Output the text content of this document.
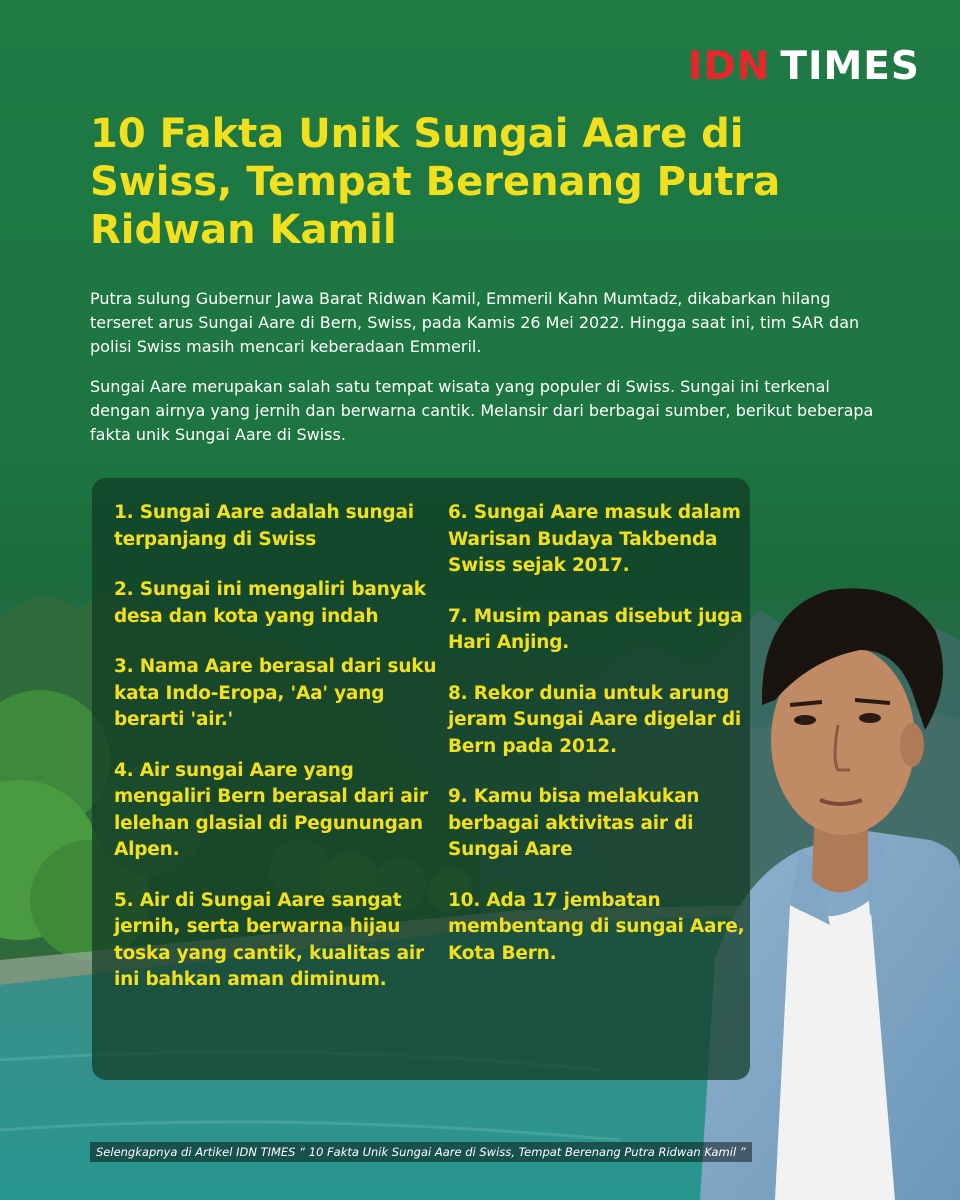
IDN TIMES
10 Fakta Unik Sungai Aare di Swiss, Tempat Berenang Putra Ridwan Kamil

Putra sulung Gubernur Jawa Barat Ridwan Kamil, Emmeril Kahn Mumtadz, dikabarkan hilang terseret arus Sungai Aare di Bern, Swiss, pada Kamis 26 Mei 2022. Hingga saat ini, tim SAR dan polisi Swiss masih mencari keberadaan Emmeril.

Sungai Aare merupakan salah satu tempat wisata yang populer di Swiss. Sungai ini terkenal dengan airnya yang jernih dan berwarna cantik. Melansir dari berbagai sumber, berikut beberapa fakta unik Sungai Aare di Swiss.

1. Sungai Aare adalah sungai terpanjang di Swiss

2. Sungai ini mengaliri banyak desa dan kota yang indah

3. Nama Aare berasal dari suku kata Indo-Eropa, 'Aa' yang berarti 'air.'

4. Air sungai Aare yang mengaliri Bern berasal dari air lelehan glasial di Pegunungan Alpen.

5. Air di Sungai Aare sangat jernih, serta berwarna hijau toska yang cantik, kualitas air ini bahkan aman diminum.

6. Sungai Aare masuk dalam Warisan Budaya Takbenda Swiss sejak 2017.

7. Musim panas disebut juga Hari Anjing.

8. Rekor dunia untuk arung jeram Sungai Aare digelar di Bern pada 2012.

9. Kamu bisa melakukan berbagai aktivitas air di Sungai Aare

10. Ada 17 jembatan membentang di sungai Aare, Kota Bern.

Selengkapnya di Artikel IDN TIMES “ 10 Fakta Unik Sungai Aare di Swiss, Tempat Berenang Putra Ridwan Kamil ”
